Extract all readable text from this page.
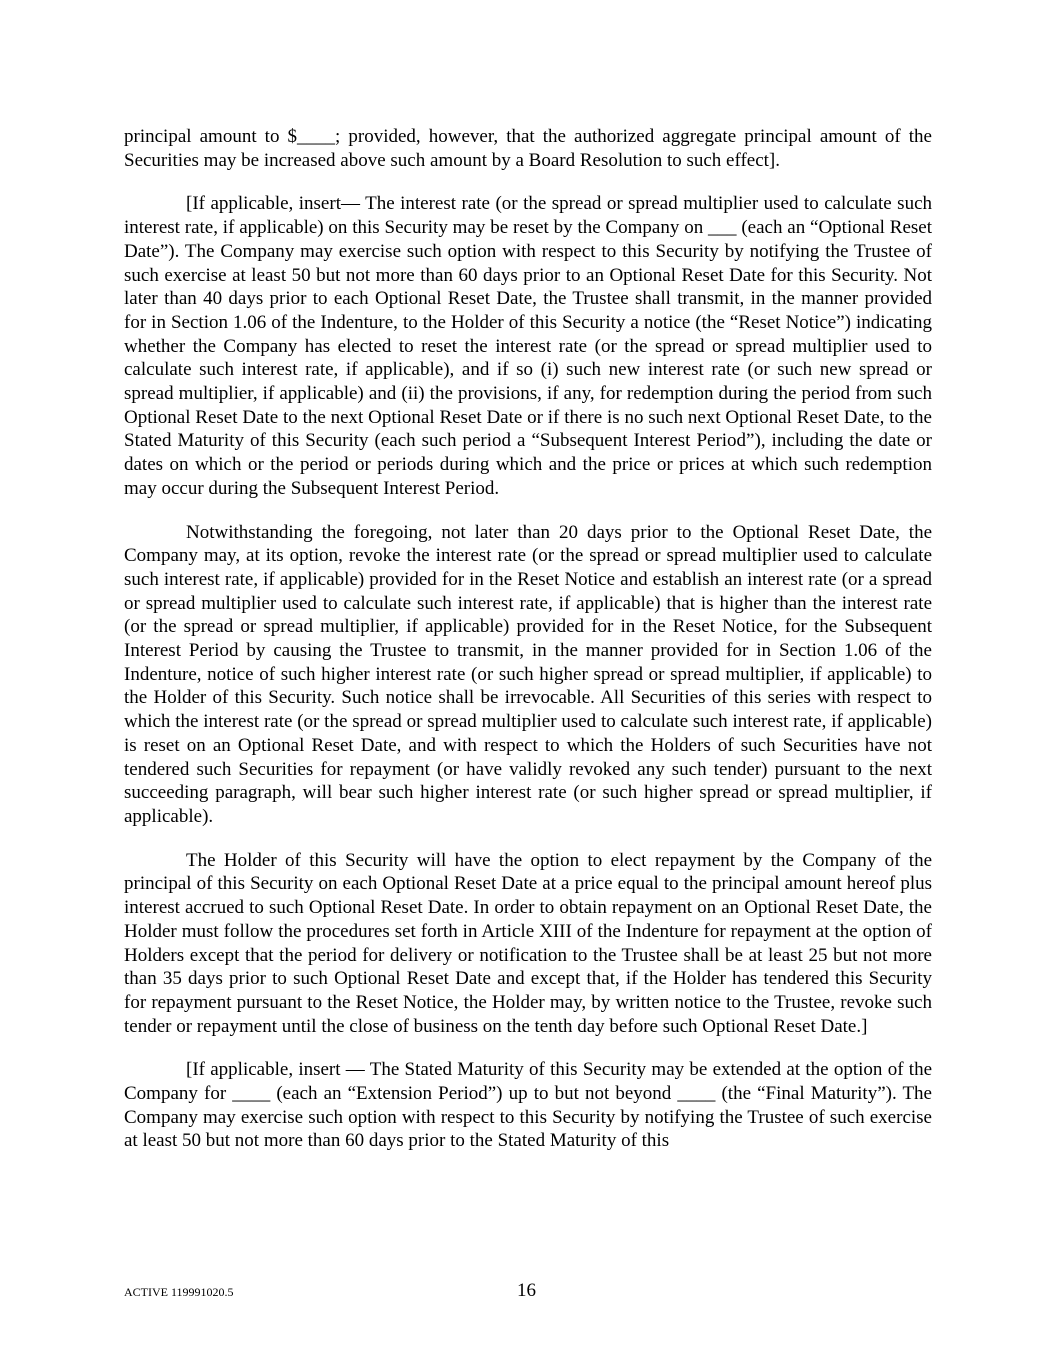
principal amount to $____; provided, however, that the authorized aggregate principal amount of the Securities may be increased above such amount by a Board Resolution to such effect].

[If applicable, insert— The interest rate (or the spread or spread multiplier used to calculate such interest rate, if applicable) on this Security may be reset by the Company on ___ (each an “Optional Reset Date”). The Company may exercise such option with respect to this Security by notifying the Trustee of such exercise at least 50 but not more than 60 days prior to an Optional Reset Date for this Security. Not later than 40 days prior to each Optional Reset Date, the Trustee shall transmit, in the manner provided for in Section 1.06 of the Indenture, to the Holder of this Security a notice (the “Reset Notice”) indicating whether the Company has elected to reset the interest rate (or the spread or spread multiplier used to calculate such interest rate, if applicable), and if so (i) such new interest rate (or such new spread or spread multiplier, if applicable) and (ii) the provisions, if any, for redemption during the period from such Optional Reset Date to the next Optional Reset Date or if there is no such next Optional Reset Date, to the Stated Maturity of this Security (each such period a “Subsequent Interest Period”), including the date or dates on which or the period or periods during which and the price or prices at which such redemption may occur during the Subsequent Interest Period.

Notwithstanding the foregoing, not later than 20 days prior to the Optional Reset Date, the Company may, at its option, revoke the interest rate (or the spread or spread multiplier used to calculate such interest rate, if applicable) provided for in the Reset Notice and establish an interest rate (or a spread or spread multiplier used to calculate such interest rate, if applicable) that is higher than the interest rate (or the spread or spread multiplier, if applicable) provided for in the Reset Notice, for the Subsequent Interest Period by causing the Trustee to transmit, in the manner provided for in Section 1.06 of the Indenture, notice of such higher interest rate (or such higher spread or spread multiplier, if applicable) to the Holder of this Security. Such notice shall be irrevocable. All Securities of this series with respect to which the interest rate (or the spread or spread multiplier used to calculate such interest rate, if applicable) is reset on an Optional Reset Date, and with respect to which the Holders of such Securities have not tendered such Securities for repayment (or have validly revoked any such tender) pursuant to the next succeeding paragraph, will bear such higher interest rate (or such higher spread or spread multiplier, if applicable).

The Holder of this Security will have the option to elect repayment by the Company of the principal of this Security on each Optional Reset Date at a price equal to the principal amount hereof plus interest accrued to such Optional Reset Date. In order to obtain repayment on an Optional Reset Date, the Holder must follow the procedures set forth in Article XIII of the Indenture for repayment at the option of Holders except that the period for delivery or notification to the Trustee shall be at least 25 but not more than 35 days prior to such Optional Reset Date and except that, if the Holder has tendered this Security for repayment pursuant to the Reset Notice, the Holder may, by written notice to the Trustee, revoke such tender or repayment until the close of business on the tenth day before such Optional Reset Date.]

[If applicable, insert — The Stated Maturity of this Security may be extended at the option of the Company for ____ (each an “Extension Period”) up to but not beyond ____ (the “Final Maturity”). The Company may exercise such option with respect to this Security by notifying the Trustee of such exercise at least 50 but not more than 60 days prior to the Stated Maturity of this

ACTIVE 119991020.5	16
